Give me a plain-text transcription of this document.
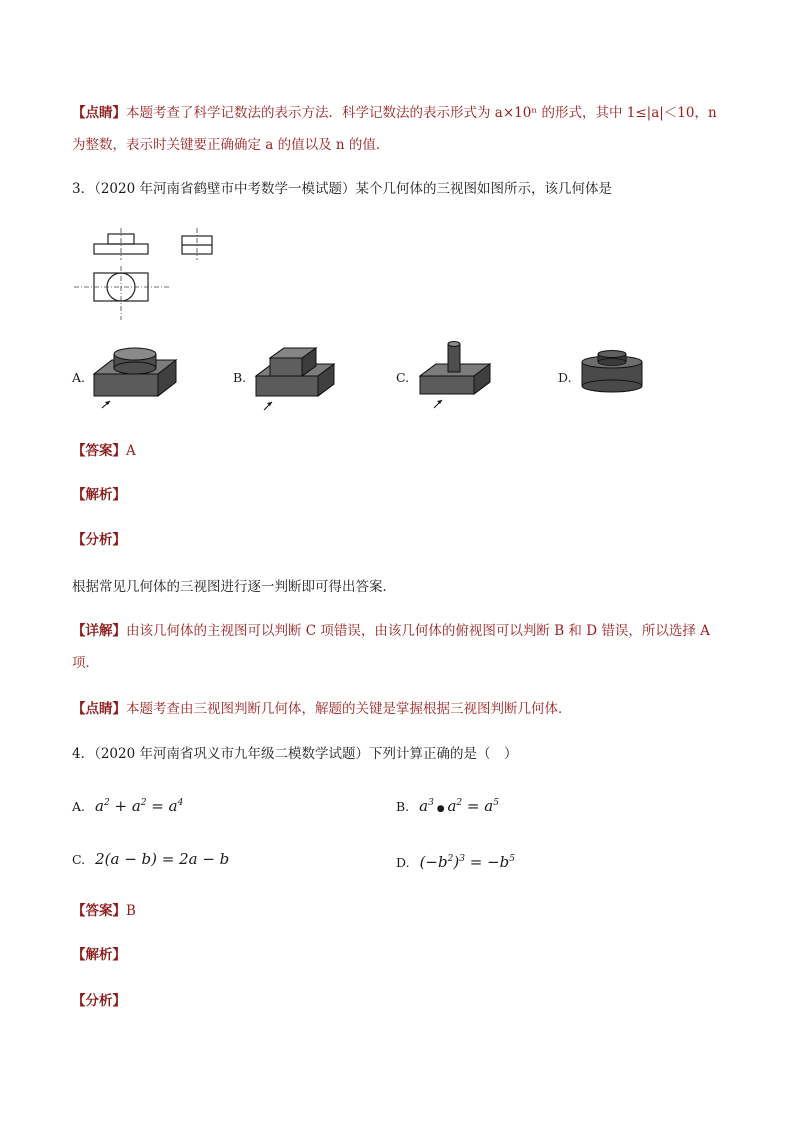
【点睛】本题考查了科学记数法的表示方法．科学记数法的表示形式为 a×10ⁿ 的形式，其中 1≤|a|＜10，n
为整数，表示时关键要正确确定 a 的值以及 n 的值．
3．（2020 年河南省鹤壁市中考数学一模试题）某个几何体的三视图如图所示，该几何体是
A.	B.	C.	D.
【答案】A
【解析】
【分析】
根据常见几何体的三视图进行逐一判断即可得出答案．
【详解】由该几何体的主视图可以判断 C 项错误，由该几何体的俯视图可以判断 B 和 D 错误，所以选择 A
项．
【点睛】本题考查由三视图判断几何体，解题的关键是掌握根据三视图判断几何体．
4．（2020 年河南省巩义市九年级二模数学试题）下列计算正确的是（　）
A. $a^2 + a^2 = a^4$	B. $a^3$ ● $a^2 = a^5$
C. 2(a − b) = 2a − b	D. $(-b^2)^3 = -b^5$
【答案】B
【解析】
【分析】
